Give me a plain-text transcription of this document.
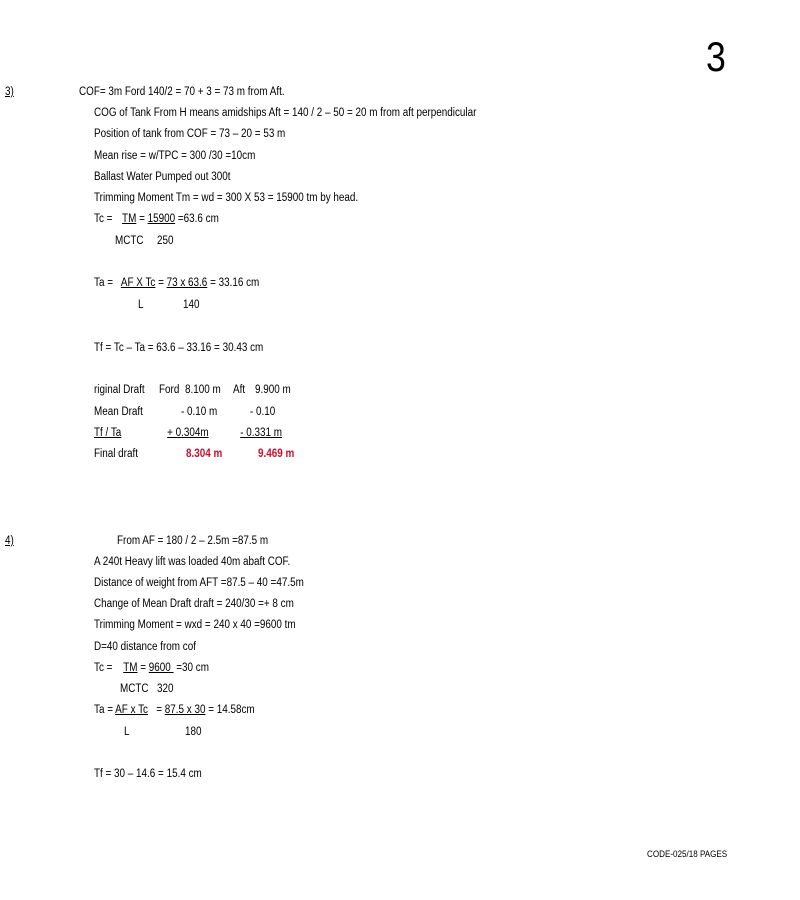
3
3)	COF= 3m Ford 140/2 = 70 + 3 = 73 m from Aft.
COG of Tank From H means amidships Aft = 140 / 2 – 50 = 20 m from aft perpendicular
Position of tank from COF = 73 – 20 = 53 m
Mean rise = w/TPC = 300 /30 =10cm
Ballast Water Pumped out 300t
Trimming Moment Tm = wd = 300 X 53 = 15900 tm by head.
Tc = TM = 15900 =63.6 cm
MCTC 250
Ta = AF X Tc = 73 x 63.6 = 33.16 cm
L	140
Tf = Tc – Ta = 63.6 – 33.16 = 30.43 cm
riginal Draft Ford 8.100 m Aft 9.900 m
Mean Draft	- 0.10 m	- 0.10
Tf / Ta	+ 0.304m	- 0.331 m
Final draft	8.304 m	9.469 m
4)	From AF = 180 / 2 – 2.5m =87.5 m
A 240t Heavy lift was loaded 40m abaft COF.
Distance of weight from AFT =87.5 – 40 =47.5m
Change of Mean Draft draft = 240/30 =+ 8 cm
Trimming Moment = wxd = 240 x 40 =9600 tm
D=40 distance from cof
Tc =    TM = 9600  =30 cm
MCTC 320
Ta = AF x Tc   = 87.5 x 30 = 14.58cm
L	180
Tf = 30 – 14.6 = 15.4 cm
CODE-025/18 PAGES
